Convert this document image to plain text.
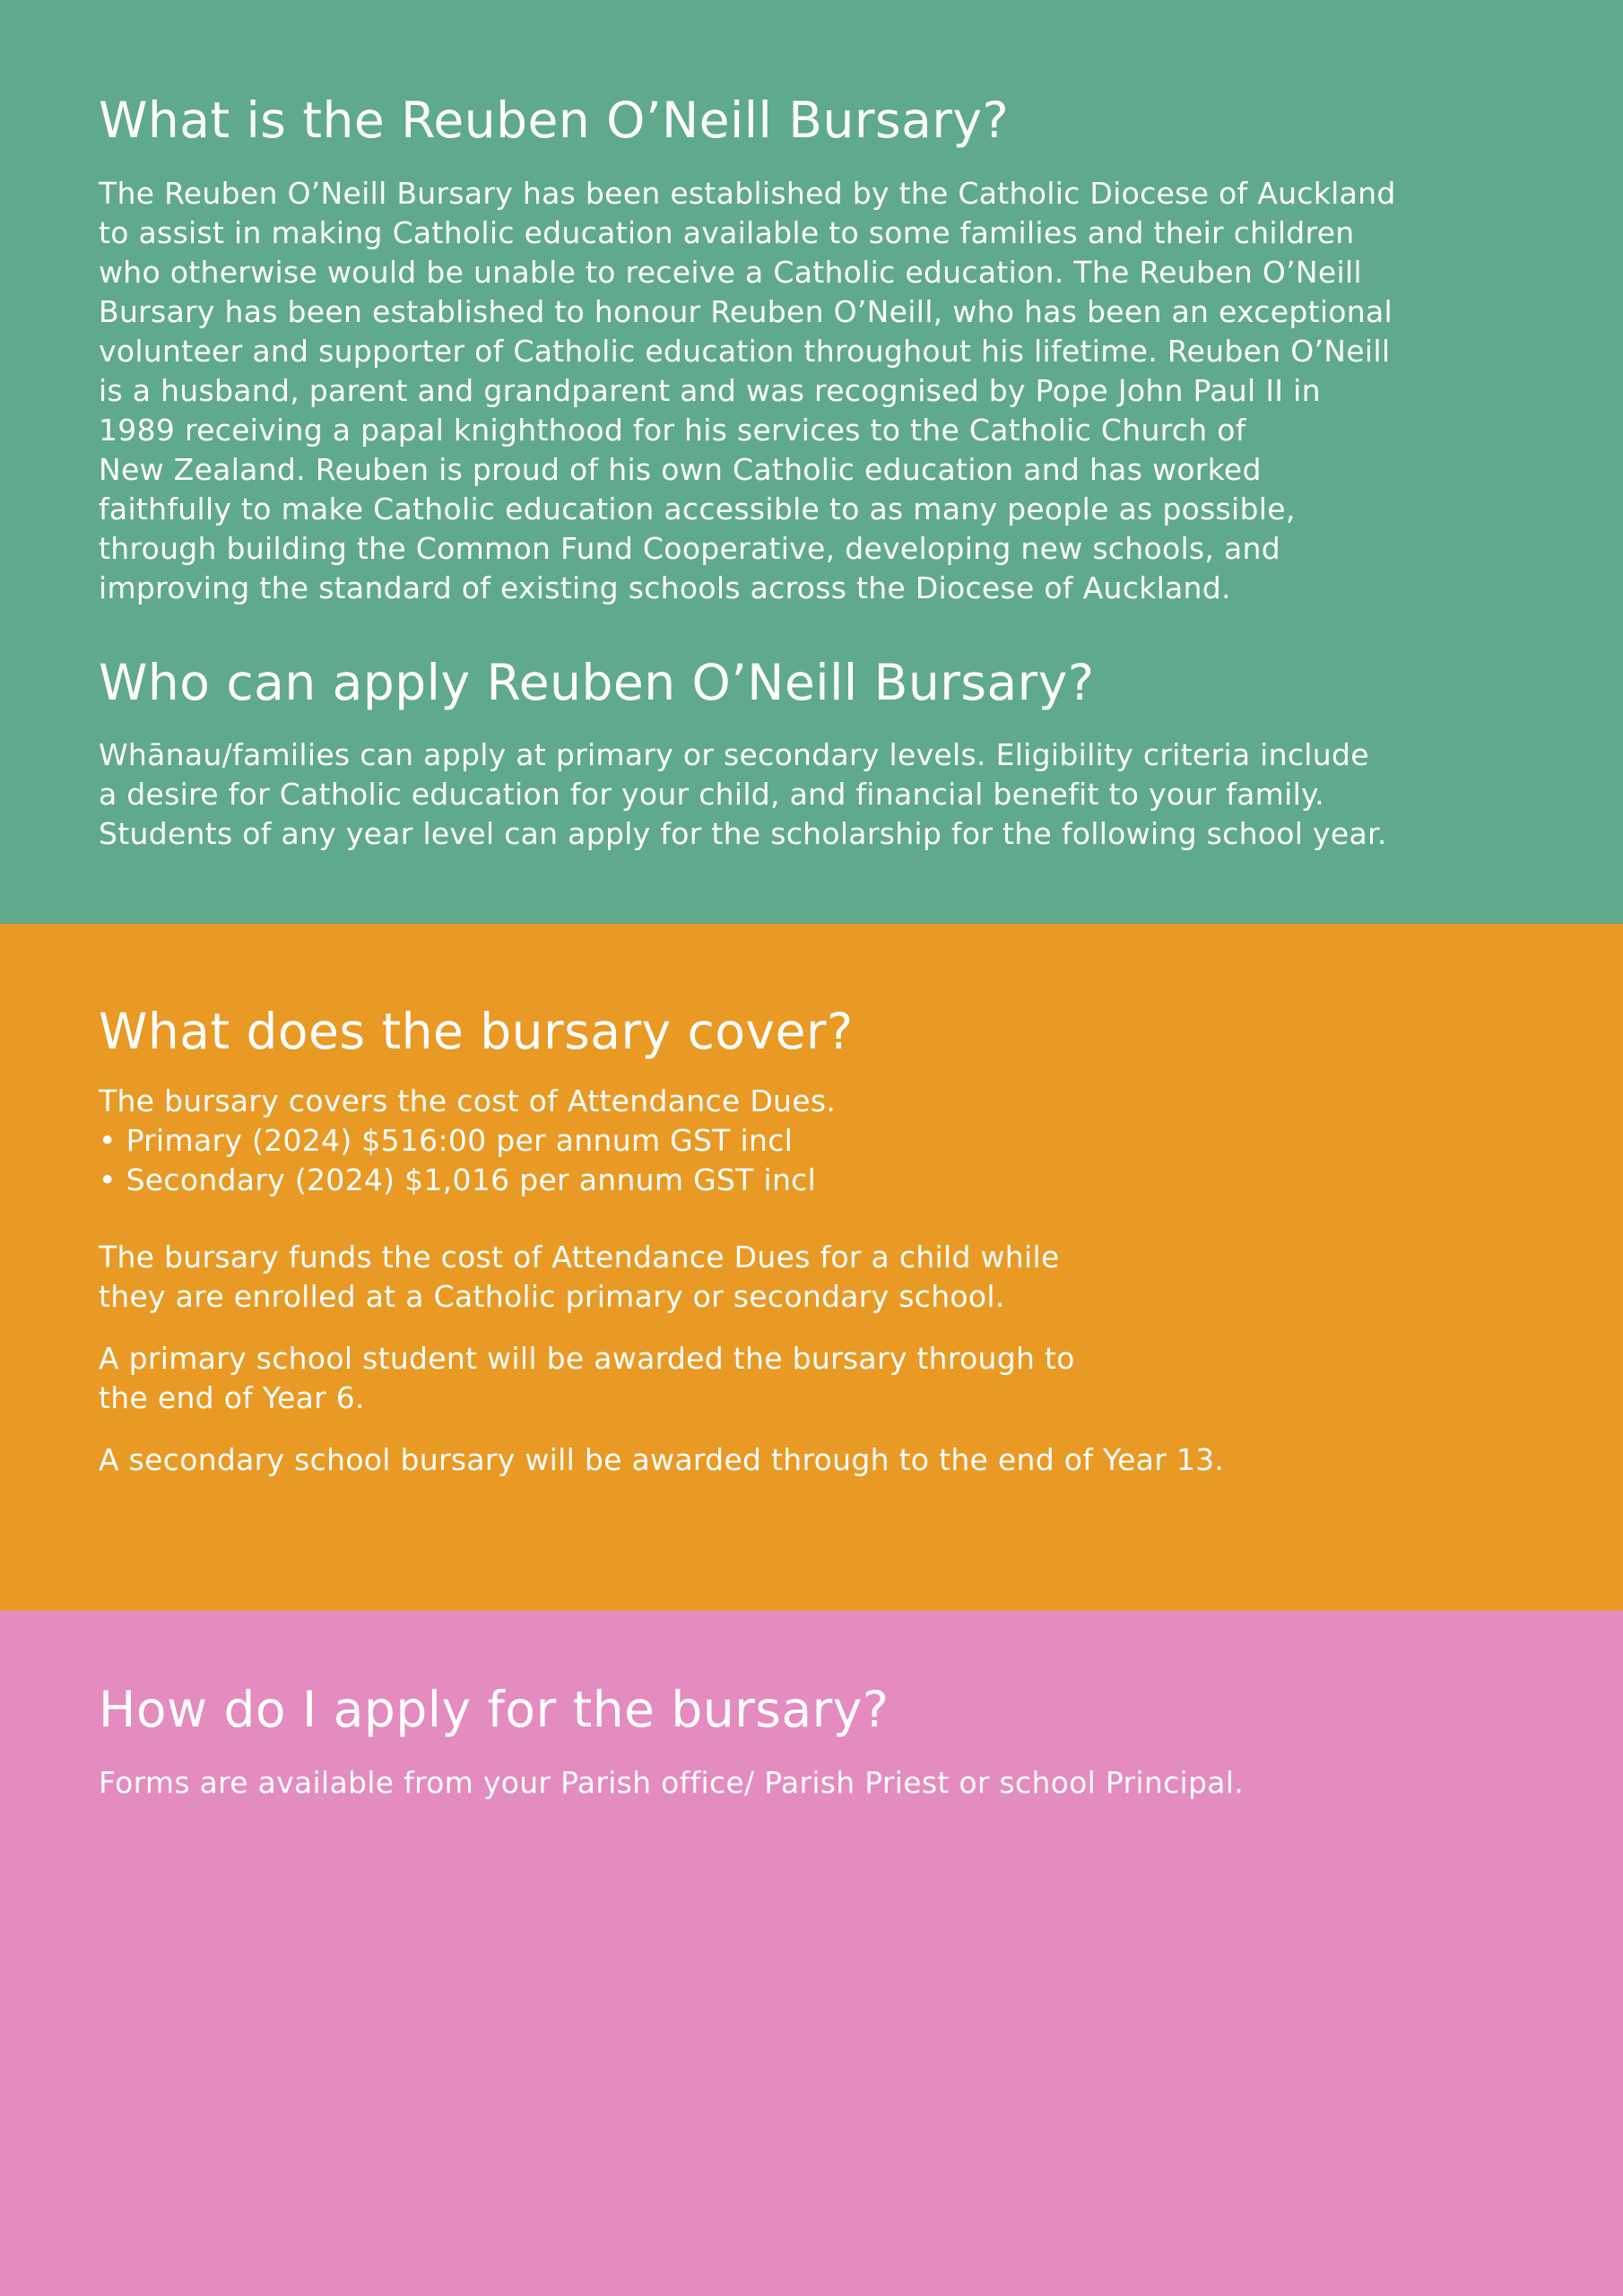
What is the Reuben O’Neill Bursary?

The Reuben O’Neill Bursary has been established by the Catholic Diocese of Auckland
to assist in making Catholic education available to some families and their children
who otherwise would be unable to receive a Catholic education. The Reuben O’Neill
Bursary has been established to honour Reuben O’Neill, who has been an exceptional
volunteer and supporter of Catholic education throughout his lifetime. Reuben O’Neill
is a husband, parent and grandparent and was recognised by Pope John Paul II in
1989 receiving a papal knighthood for his services to the Catholic Church of
New Zealand. Reuben is proud of his own Catholic education and has worked
faithfully to make Catholic education accessible to as many people as possible,
through building the Common Fund Cooperative, developing new schools, and
improving the standard of existing schools across the Diocese of Auckland.

Who can apply Reuben O’Neill Bursary?

Whānau/families can apply at primary or secondary levels. Eligibility criteria include
a desire for Catholic education for your child, and financial benefit to your family.
Students of any year level can apply for the scholarship for the following school year.

What does the bursary cover?

The bursary covers the cost of Attendance Dues.

• Primary (2024) $516:00 per annum GST incl
• Secondary (2024) $1,016 per annum GST incl

The bursary funds the cost of Attendance Dues for a child while
they are enrolled at a Catholic primary or secondary school.

A primary school student will be awarded the bursary through to
the end of Year 6.

A secondary school bursary will be awarded through to the end of Year 13.

How do I apply for the bursary?

Forms are available from your Parish office/ Parish Priest or school Principal.
